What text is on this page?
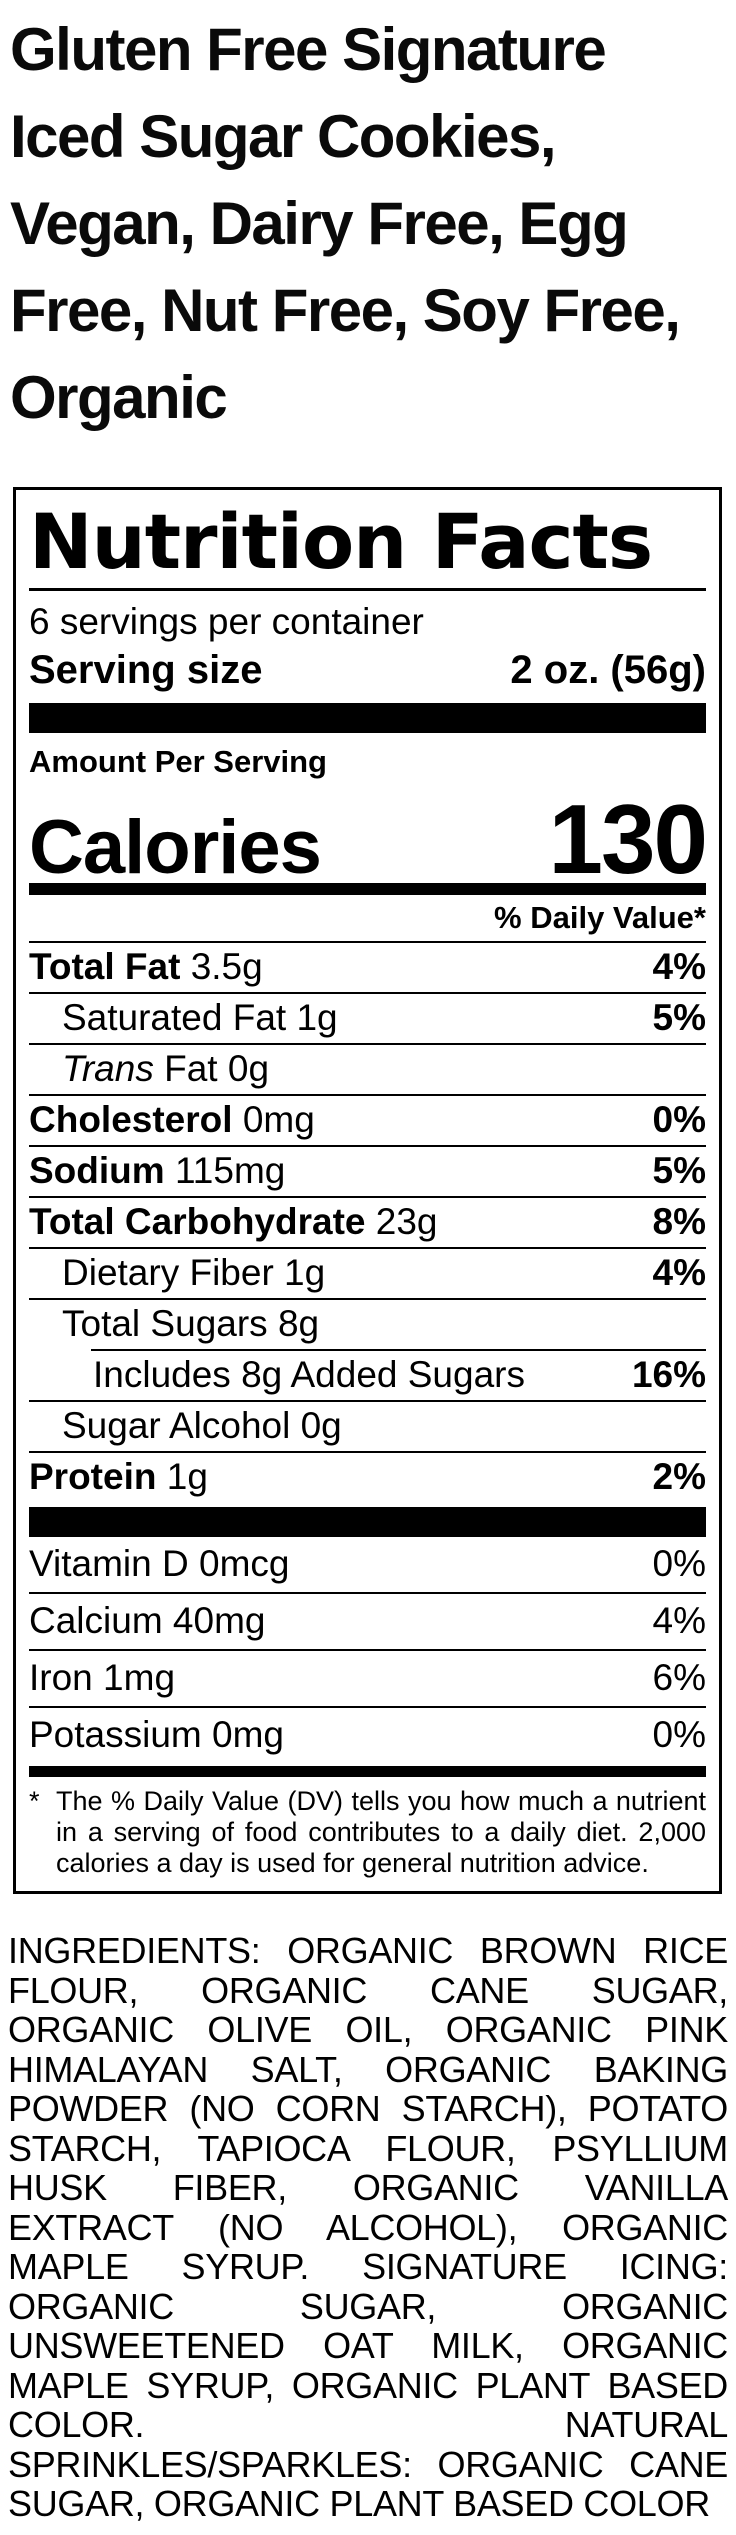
Gluten Free Signature Iced Sugar Cookies, Vegan, Dairy Free, Egg Free, Nut Free, Soy Free, Organic
Nutrition Facts
6 servings per container
Serving size	2 oz. (56g)
Amount Per Serving
Calories 130
% Daily Value*
Total Fat 3.5g	4%
Saturated Fat 1g	5%
Trans Fat 0g
Cholesterol 0mg	0%
Sodium 115mg	5%
Total Carbohydrate 23g	8%
Dietary Fiber 1g	4%
Total Sugars 8g
Includes 8g Added Sugars	16%
Sugar Alcohol 0g
Protein 1g	2%
Vitamin D 0mcg	0%
Calcium 40mg	4%
Iron 1mg	6%
Potassium 0mg	0%
* The % Daily Value (DV) tells you how much a nutrient in a serving of food contributes to a daily diet. 2,000 calories a day is used for general nutrition advice.

INGREDIENTS: ORGANIC BROWN RICE FLOUR, ORGANIC CANE SUGAR, ORGANIC OLIVE OIL, ORGANIC PINK HIMALAYAN SALT, ORGANIC BAKING POWDER (NO CORN STARCH), POTATO STARCH, TAPIOCA FLOUR, PSYLLIUM HUSK FIBER, ORGANIC VANILLA EXTRACT (NO ALCOHOL), ORGANIC MAPLE SYRUP. SIGNATURE ICING: ORGANIC SUGAR, ORGANIC UNSWEETENED OAT MILK, ORGANIC MAPLE SYRUP, ORGANIC PLANT BASED COLOR. NATURAL SPRINKLES/SPARKLES: ORGANIC CANE SUGAR, ORGANIC PLANT BASED COLOR
